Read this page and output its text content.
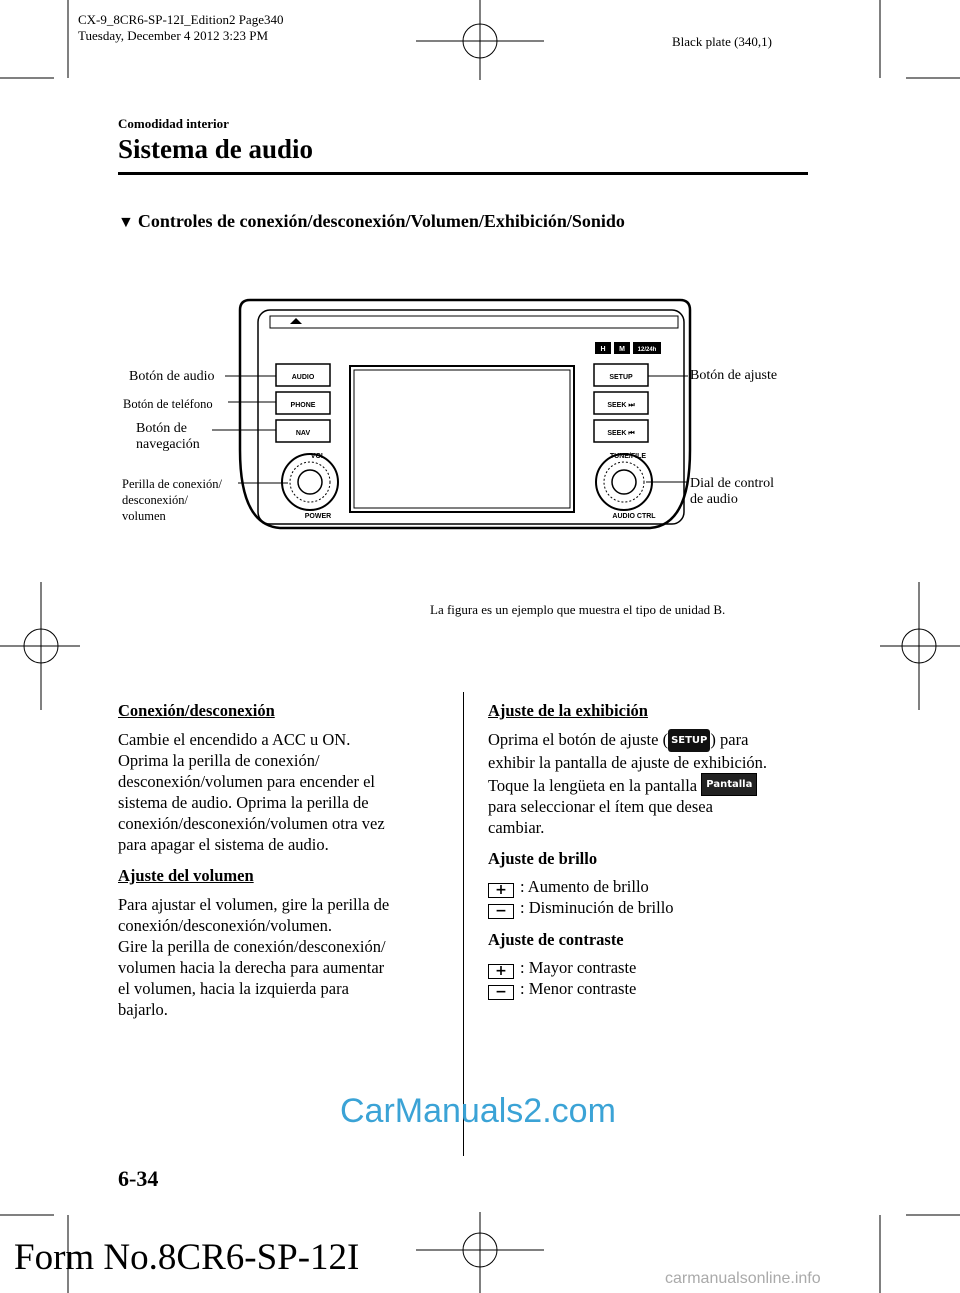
CX-9_8CR6-SP-12I_Edition2 Page340
Tuesday, December 4 2012 3:23 PM	Black plate (340,1)
Comodidad interior
Sistema de audio
▼ Controles de conexión/desconexión/Volumen/Exhibición/Sonido
H M 12/24h
AUDIO
PHONE
NAV
SETUP
SEEK ⏭
SEEK ⏮
VOL
POWER
TUNE/FILE
AUDIO CTRL
Botón de audio
Botón de teléfono
Botón de
navegación
Perilla de conexión/
desconexión/
volumen
Botón de ajuste
Dial de control
de audio
La figura es un ejemplo que muestra el tipo de unidad B.
Conexión/desconexión

Cambie el encendido a ACC u ON.
Oprima la perilla de conexión/
desconexión/volumen para encender el
sistema de audio. Oprima la perilla de
conexión/desconexión/volumen otra vez
para apagar el sistema de audio.

Ajuste del volumen

Para ajustar el volumen, gire la perilla de
conexión/desconexión/volumen.
Gire la perilla de conexión/desconexión/
volumen hacia la derecha para aumentar
el volumen, hacia la izquierda para
bajarlo.

Ajuste de la exhibición

Oprima el botón de ajuste ( SETUP ) para
exhibir la pantalla de ajuste de exhibición.
Toque la lengüeta en la pantalla Pantalla
para seleccionar el ítem que desea
cambiar.

Ajuste de brillo

+ : Aumento de brillo
− : Disminución de brillo

Ajuste de contraste

+ : Mayor contraste
− : Menor contraste
CarManuals2.com
6-34
Form No.8CR6-SP-12I
carmanualsonline.info
